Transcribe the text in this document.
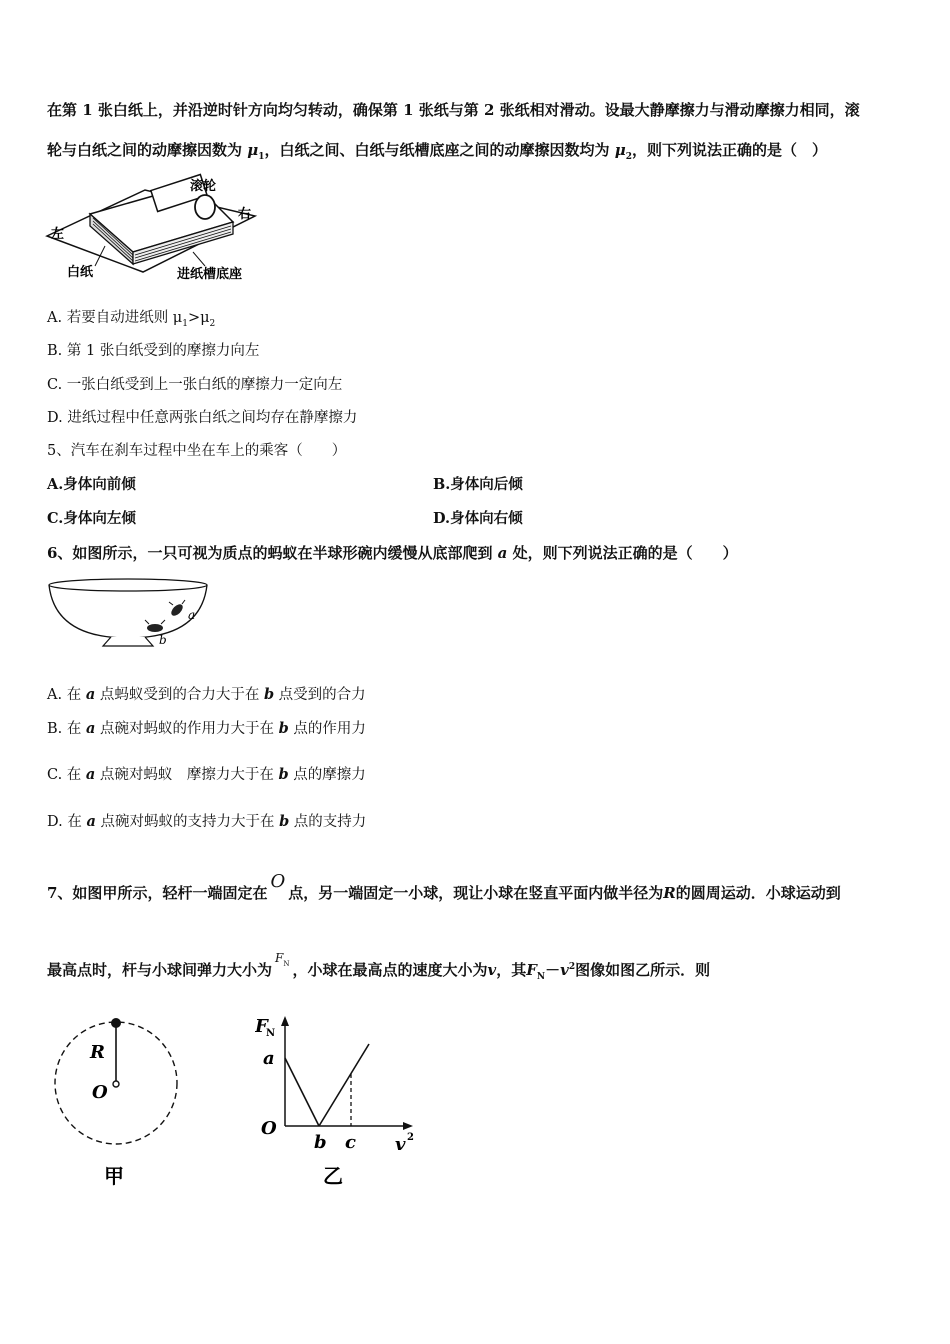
在第 1 张白纸上，并沿逆时针方向均匀转动，确保第 1 张纸与第 2 张纸相对滑动。设最大静摩擦力与滑动摩擦力相同，滚
轮与白纸之间的动摩擦因数为 $\mu_1$，白纸之间、白纸与纸槽底座之间的动摩擦因数均为 $\mu_2$，则下列说法正确的是（　）
滚轮
右
左
白纸	进纸槽底座
A. 若要自动进纸则 $\mu_1>\mu_2$
B. 第 1 张白纸受到的摩擦力向左
C. 一张白纸受到上一张白纸的摩擦力一定向左
D. 进纸过程中任意两张白纸之间均存在静摩擦力
5、汽车在刹车过程中坐在车上的乘客（　　）
A.身体向前倾	B.身体向后倾
C.身体向左倾	D.身体向右倾
6、如图所示，一只可视为质点的蚂蚁在半球形碗内缓慢从底部爬到 a 处，则下列说法正确的是（　　）
a
b
A. 在 a 点蚂蚁受到的合力大于在 b 点受到的合力
B. 在 a 点碗对蚂蚁的作用力大于在 b 点的作用力
C. 在 a 点碗对蚂蚁　摩擦力大于在 b 点的摩擦力
D. 在 a 点碗对蚂蚁的支持力大于在 b 点的支持力
7、如图甲所示，轻杆一端固定在O点，另一端固定一小球，现让小球在竖直平面内做半径为R的圆周运动．小球运动到
最高点时，杆与小球间弹力大小为$F_N$ ，小球在最高点的速度大小为v，其$F_N-v^2$图像如图乙所示．则
R
O
甲
F
N
a
O
b c v 2
乙
